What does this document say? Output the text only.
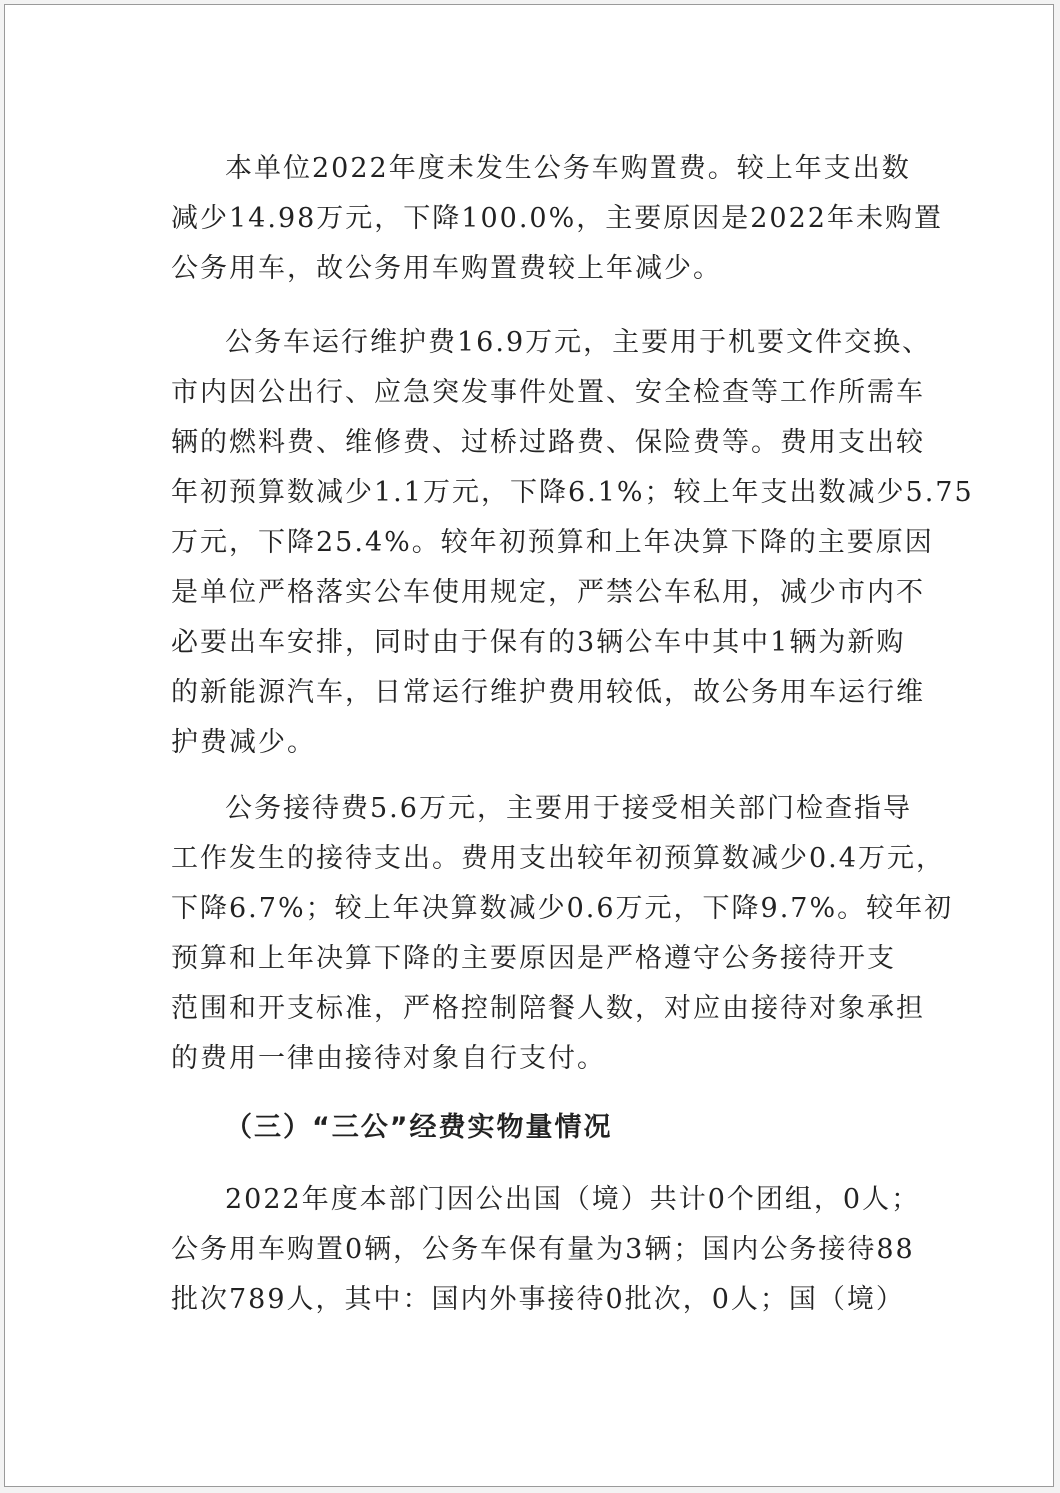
本单位2022年度未发生公务车购置费。较上年支出数
减少14.98万元，下降100.0%，主要原因是2022年未购置
公务用车，故公务用车购置费较上年减少。
公务车运行维护费16.9万元，主要用于机要文件交换、
市内因公出行、应急突发事件处置、安全检查等工作所需车
辆的燃料费、维修费、过桥过路费、保险费等。费用支出较
年初预算数减少1.1万元，下降6.1%；较上年支出数减少5.75
万元，下降25.4%。较年初预算和上年决算下降的主要原因
是单位严格落实公车使用规定，严禁公车私用，减少市内不
必要出车安排，同时由于保有的3辆公车中其中1辆为新购
的新能源汽车，日常运行维护费用较低，故公务用车运行维
护费减少。
公务接待费5.6万元，主要用于接受相关部门检查指导
工作发生的接待支出。费用支出较年初预算数减少0.4万元，
下降6.7%；较上年决算数减少0.6万元，下降9.7%。较年初
预算和上年决算下降的主要原因是严格遵守公务接待开支
范围和开支标准，严格控制陪餐人数，对应由接待对象承担
的费用一律由接待对象自行支付。
（三）“三公”经费实物量情况
2022年度本部门因公出国（境）共计0个团组，0人；
公务用车购置0辆，公务车保有量为3辆；国内公务接待88
批次789人，其中：国内外事接待0批次，0人；国（境）
